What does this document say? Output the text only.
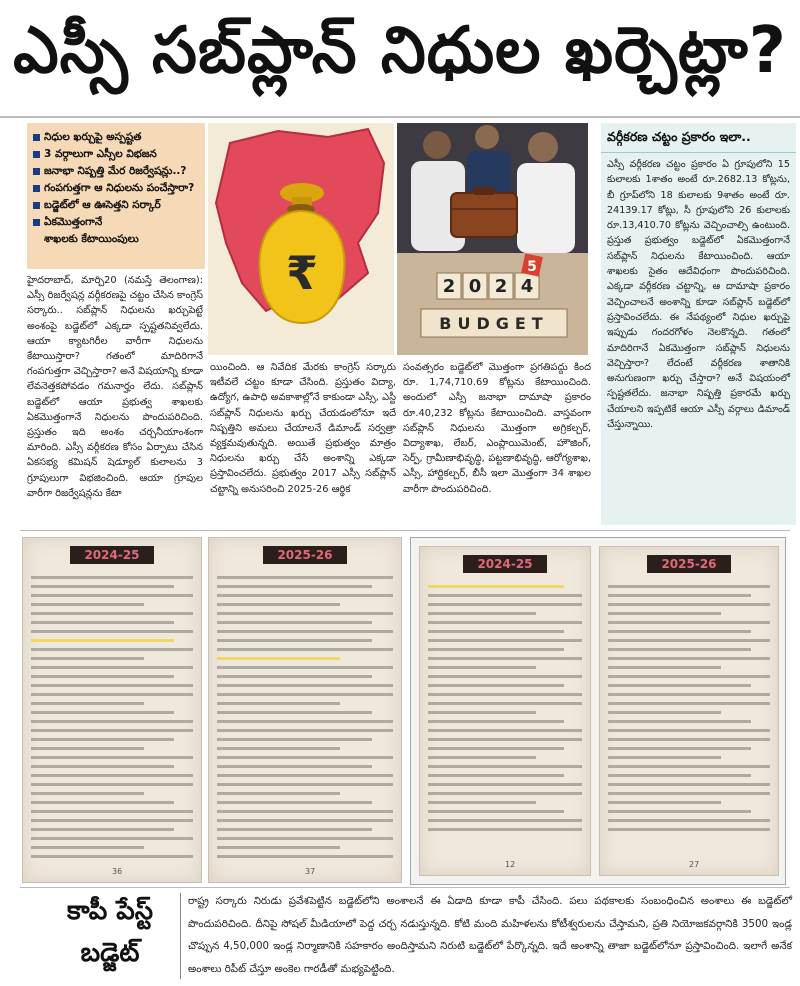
ఎస్సీ సబ్‌ప్లాన్ నిధుల ఖర్చెట్లా?
నిధుల ఖర్చుపై అస్పష్టత
3 వర్గాలుగా ఎస్సీల విభజన
జనాభా నిష్పత్తి మేర రిజర్వేషన్లు..?
గంపగుత్తగా ఆ నిధులను పంచేస్తారా?
బడ్జెట్‌లో ఆ ఊసెత్తని సర్కార్
ఏకమొత్తంగానే
శాఖలకు కేటాయింపులు
₹	2 0 2 4
5
BUDGET
వర్గీకరణ చట్టం ప్రకారం ఇలా..
ఎస్సీ వర్గీకరణ చట్టం ప్రకారం ఏ గ్రూపులోని 15 కులాలకు 1శాతం అంటే రూ.2682.13 కోట్లను, బీ గ్రూప్‌లోని 18 కులాలకు 9శాతం అంటే రూ. 24139.17 కోట్లు, సీ గ్రూపులోని 26 కులాలకు రూ.13,410.70 కోట్లను వెచ్చించాల్సి ఉంటుంది. ప్రస్తుత ప్రభుత్వం బడ్జెట్‌లో ఏకమొత్తంగానే సబ్‌ప్లాన్ నిధులను కేటాయించింది. ఆయా శాఖలకు సైతం ఆదేవిధంగా పొందుపరిచింది. ఎక్కడా వర్గీకరణ చట్టాన్ని, ఆ దామాషా ప్రకారం వెచ్చించాలనే అంశాన్ని కూడా సబ్‌ప్లాన్ బడ్జెట్‌లో ప్రస్తావించలేదు. ఈ నేపథ్యంలో నిధుల ఖర్చుపై ఇప్పుడు గందరగోళం నెలకొన్నది. గతంలో మాదిరిగానే ఏకమొత్తంగా సబ్‌ప్లాన్ నిధులను వెచ్చిస్తారా? లేదంటే వర్గీకరణ శాతానికి అనుగుణంగా ఖర్చు చేస్తారా? అనే విషయంలో స్పష్టతలేదు. జనాభా నిష్పత్తి ప్రకారమే ఖర్చు చేయాలని ఇప్పటికే ఆయా ఎస్సీ వర్గాలు డిమాండ్ చేస్తున్నాయి.
హైదరాబాద్, మార్చి20 (నమస్తే తెలంగాణ): ఎస్సీ రిజర్వేషన్ల వర్గీకరణపై చట్టం చేసిన కాంగ్రెస్ సర్కారు.. సబ్‌ప్లాన్ నిధులను ఖర్చుపెట్టే అంశంపై బడ్జెట్‌లో ఎక్కడా స్పష్టతనివ్వలేదు. ఆయా క్యాటగిరీల వారీగా నిధులను కేటాయిస్తారా? గతంలో మాదిరిగానే గంపగుత్తగా వెచ్చిస్తారా? అనే విషయాన్ని కూడా లేవనెత్తకపోవడం గమనార్హం లేదు. సబ్‌ప్లాన్ బడ్జెట్‌లో ఆయా ప్రభుత్వ శాఖలకు ఏకమొత్తంగానే నిధులను పొందుపరిచింది. ప్రస్తుతం ఇది అంశం చర్చనీయాంశంగా మారింది. ఎస్సీ వర్గీకరణ కోసం ఏర్పాటు చేసిన ఏకసభ్య కమిషన్ షెడ్యూల్ కులాలను 3 గ్రూపులుగా విభజించింది. ఆయా గ్రూపుల వారీగా రిజర్వేషన్లను కేటా
యించింది. ఆ నివేదిక మేరకు కాంగ్రెస్ సర్కారు ఇటీవలే చట్టం కూడా చేసింది. ప్రస్తుతం విద్యా, ఉద్యోగ, ఉపాధి అవకాశాల్లోనే కాకుండా ఎస్సీ, ఎస్టీ సబ్‌ప్లాన్ నిధులను ఖర్చు చేయడంలోనూ ఇదే నిష్పత్తిని అమలు చేయాలనే డిమాండ్ సర్వత్రా వ్యక్తమవుతున్నది. అయితే ప్రభుత్వం మాత్రం నిధులను ఖర్చు చేసే అంశాన్ని ఎక్కడా ప్రస్తావించలేదు. ప్రభుత్వం 2017 ఎస్సీ సబ్‌ప్లాన్ చట్టాన్ని అనుసరించి 2025-26 ఆర్థిక
సంవత్సరం బడ్జెట్‌లో మొత్తంగా ప్రగతిపద్దు కింద రూ. 1,74,710.69 కోట్లను కేటాయించింది. అందులో ఎస్సీ జనాభా దామాషా ప్రకారం రూ.40,232 కోట్లను కేటాయించింది. వాస్తవంగా సబ్‌ప్లాన్ నిధులను మొత్తంగా అగ్రికల్చర్, విద్యాశాఖ, లేబర్, ఎంప్లాయిమెంట్, హౌజింగ్, సెర్ప్, గ్రామీణాభివృద్ధి, పట్టణాభివృద్ధి, ఆరోగ్యశాఖ, ఎస్సీ, హార్టికల్చర్, బీసీ ఇలా మొత్తంగా 34 శాఖల వారీగా పొందుపరిచింది.
2024-25
36
2025-26
37
2024-25
12
2025-26
27
కాపీ పేస్ట్
బడ్జెట్
రాష్ట్ర సర్కారు నిరుడు ప్రవేశపెట్టిన బడ్జెట్‌లోని అంశాలనే ఈ ఏడాది కూడా కాపీ చేసింది. పలు పథకాలకు సంబంధించిన అంశాలు ఈ బడ్జెట్‌లో పొందుపరిచింది. దీనిపై సోషల్ మీడియాలో పెద్ద చర్చ నడుస్తున్నది. కోటి మంది మహిళలను కోటీశ్వరులను చేస్తామని, ప్రతి నియోజకవర్గానికి 3500 ఇండ్ల చొప్పున 4,50,000 ఇండ్ల నిర్మాణానికి సహకారం అందిస్తామని నిరుటి బడ్జెట్‌లో పేర్కొన్నది. ఇదే అంశాన్ని తాజా బడ్జెట్‌లోనూ ప్రస్తావించింది. ఇలాగే అనేక అంశాలు రిపీట్ చేస్తూ అంకెల గారడీతో మభ్యపెట్టింది.
